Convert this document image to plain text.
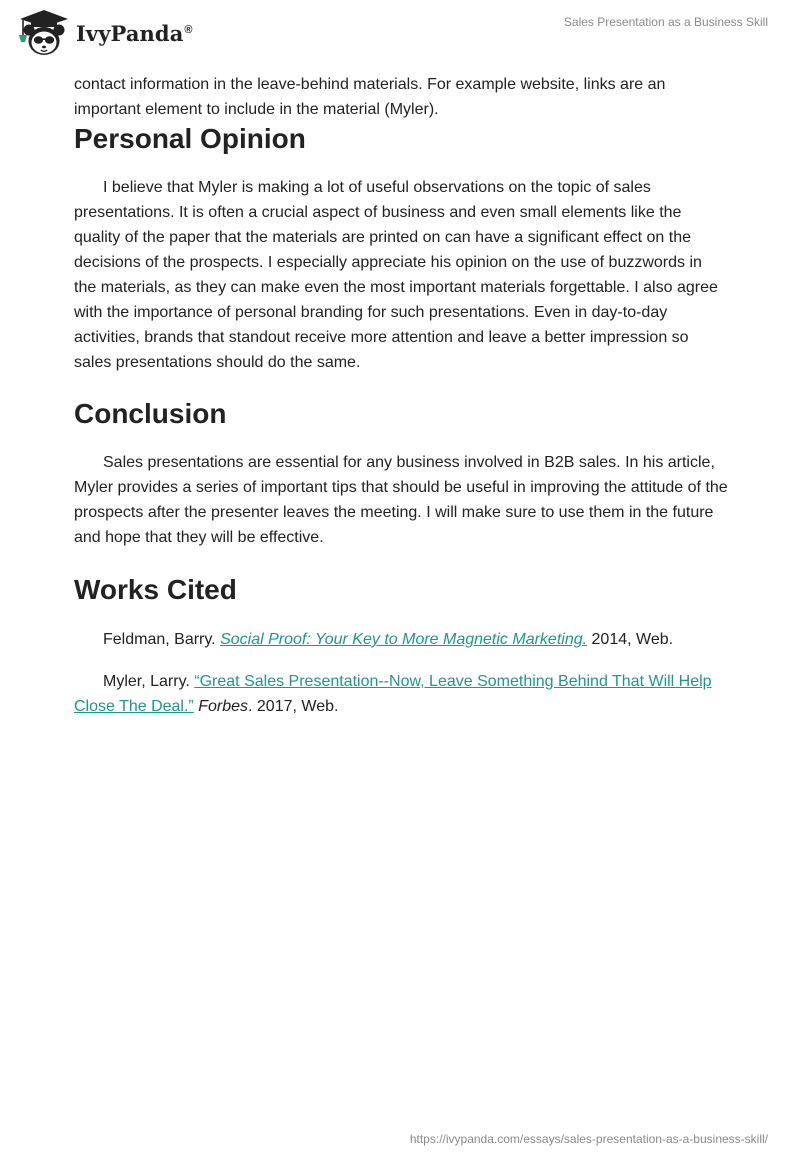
IvyPanda®
Sales Presentation as a Business Skill

contact information in the leave-behind materials. For example website, links are an important element to include in the material (Myler).

Personal Opinion

I believe that Myler is making a lot of useful observations on the topic of sales presentations. It is often a crucial aspect of business and even small elements like the quality of the paper that the materials are printed on can have a significant effect on the decisions of the prospects. I especially appreciate his opinion on the use of buzzwords in the materials, as they can make even the most important materials forgettable. I also agree with the importance of personal branding for such presentations. Even in day-to-day activities, brands that standout receive more attention and leave a better impression so sales presentations should do the same.

Conclusion

Sales presentations are essential for any business involved in B2B sales. In his article, Myler provides a series of important tips that should be useful in improving the attitude of the prospects after the presenter leaves the meeting. I will make sure to use them in the future and hope that they will be effective.

Works Cited

Feldman, Barry. Social Proof: Your Key to More Magnetic Marketing. 2014, Web.

Myler, Larry. “Great Sales Presentation--Now, Leave Something Behind That Will Help Close The Deal.” Forbes. 2017, Web.

https://ivypanda.com/essays/sales-presentation-as-a-business-skill/
